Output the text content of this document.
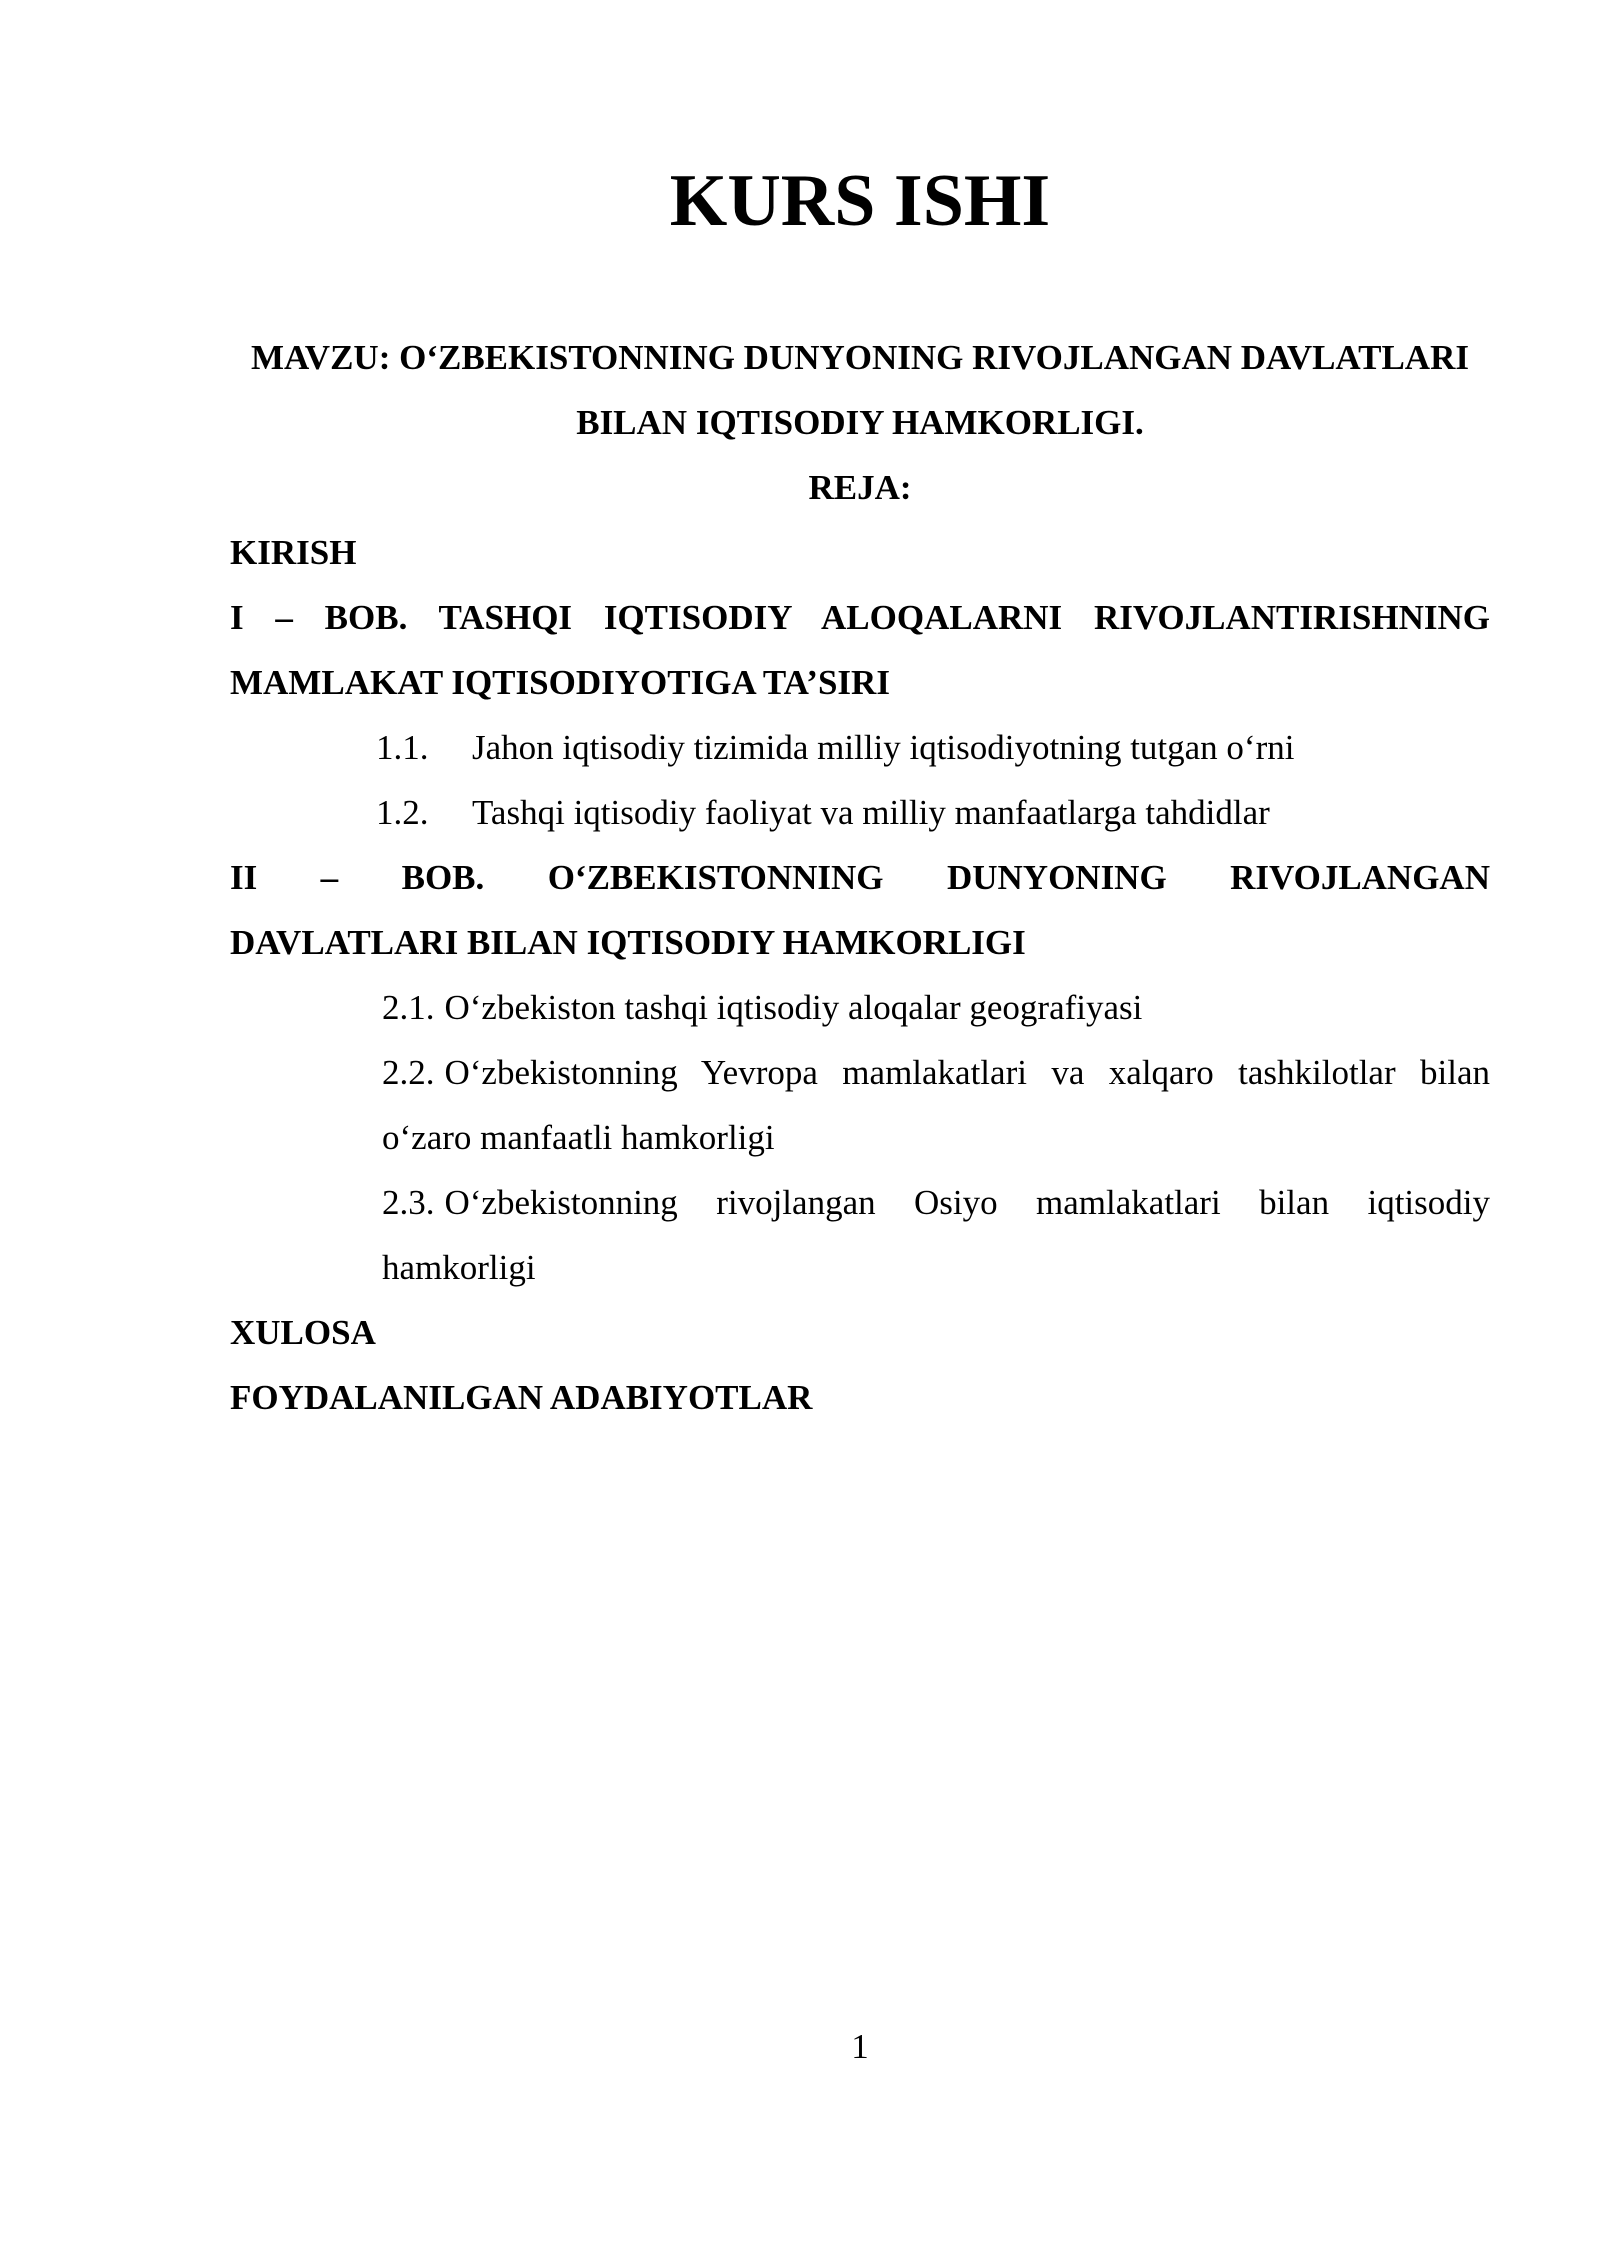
KURS ISHI

MAVZU: O‘ZBEKISTONNING DUNYONING RIVOJLANGAN DAVLATLARI BILAN IQTISODIY HAMKORLIGI.

REJA:

KIRISH
I – BOB. TASHQI IQTISODIY ALOQALARNI RIVOJLANTIRISHNING
MAMLAKAT IQTISODIYOTIGA TA’SIRI
1.1. Jahon iqtisodiy tizimida milliy iqtisodiyotning tutgan o‘rni
1.2. Tashqi iqtisodiy faoliyat va milliy manfaatlarga tahdidlar
II – BOB. O‘ZBEKISTONNING DUNYONING RIVOJLANGAN
DAVLATLARI BILAN IQTISODIY HAMKORLIGI
2.1. O‘zbekiston tashqi iqtisodiy aloqalar geografiyasi
2.2. O‘zbekistonning Yevropa mamlakatlari va xalqaro tashkilotlar bilan o‘zaro manfaatli hamkorligi
2.3. O‘zbekistonning rivojlangan Osiyo mamlakatlari bilan iqtisodiy hamkorligi
XULOSA
FOYDALANILGAN ADABIYOTLAR
1
